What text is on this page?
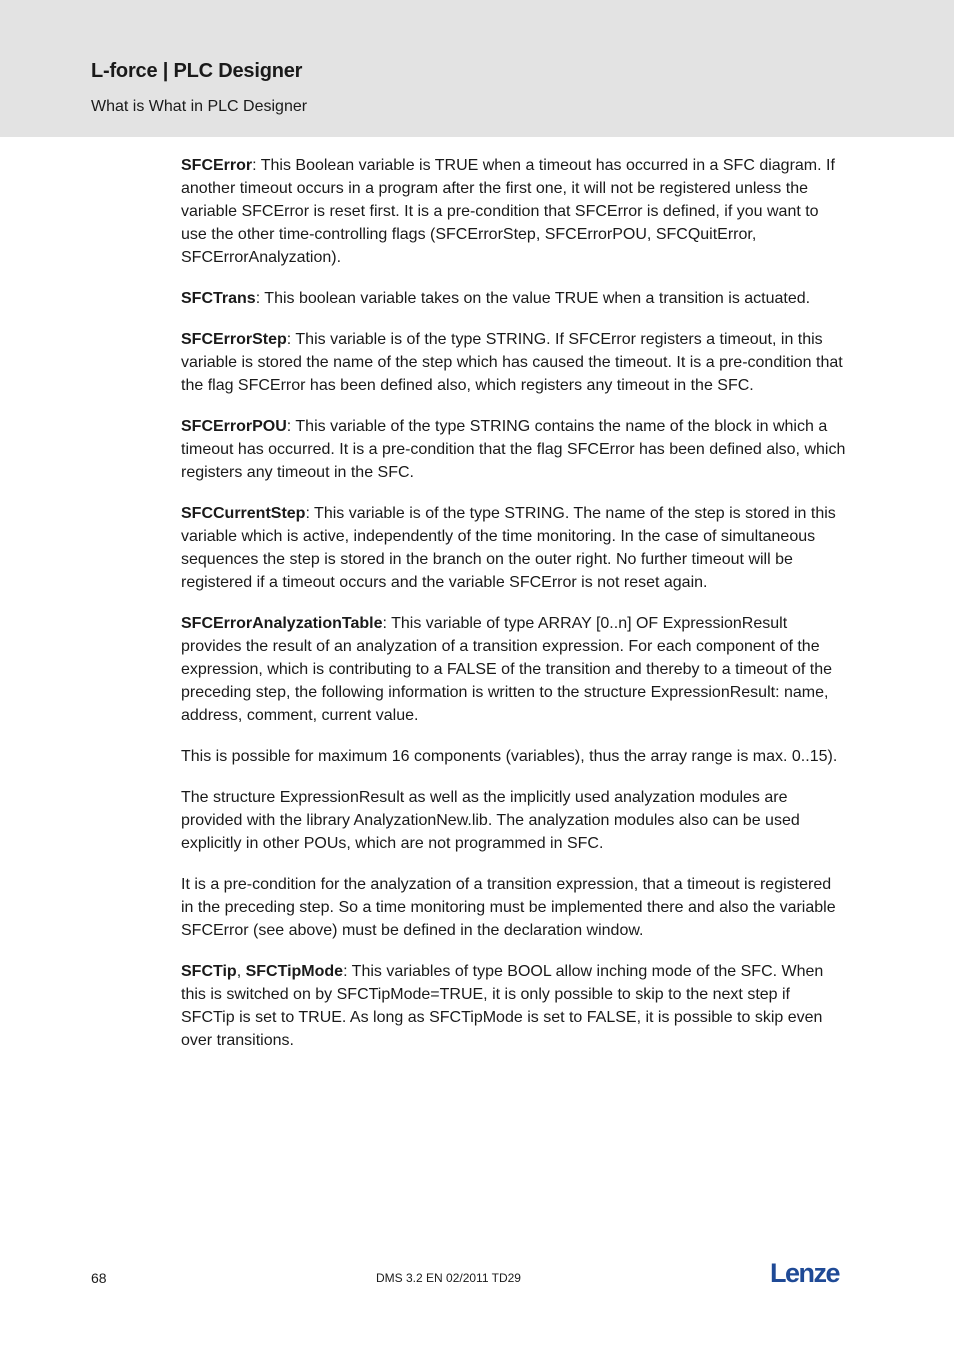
L-force | PLC Designer
What is What in PLC Designer

SFCError: This Boolean variable is TRUE when a timeout has occurred in a SFC diagram. If another timeout occurs in a program after the first one, it will not be registered unless the variable SFCError is reset first. It is a pre-condition that SFCError is defined, if you want to use the other time-controlling flags (SFCErrorStep, SFCErrorPOU, SFCQuitError, SFCErrorAnalyzation).

SFCTrans: This boolean variable takes on the value TRUE when a transition is actuated.

SFCErrorStep: This variable is of the type STRING. If SFCError registers a timeout, in this variable is stored the name of the step which has caused the timeout. It is a pre-condition that the flag SFCError has been defined also, which registers any timeout in the SFC.

SFCErrorPOU: This variable of the type STRING contains the name of the block in which a timeout has occurred. It is a pre-condition that the flag SFCError has been defined also, which registers any timeout in the SFC.

SFCCurrentStep: This variable is of the type STRING. The name of the step is stored in this variable which is active, independently of the time monitoring. In the case of simultaneous sequences the step is stored in the branch on the outer right. No further timeout will be registered if a timeout occurs and the variable SFCError is not reset again.

SFCErrorAnalyzationTable: This variable of type ARRAY [0..n] OF ExpressionResult provides the result of an analyzation of a transition expression. For each component of the expression, which is contributing to a FALSE of the transition and thereby to a timeout of the preceding step, the following information is written to the structure ExpressionResult: name, address, comment, current value.

This is possible for maximum 16 components (variables), thus the array range is max. 0..15).

The structure ExpressionResult as well as the implicitly used analyzation modules are provided with the library AnalyzationNew.lib. The analyzation modules also can be used explicitly in other POUs, which are not programmed in SFC.

It is a pre-condition for the analyzation of a transition expression, that a timeout is registered in the preceding step. So a time monitoring must be implemented there and also the variable SFCError (see above) must be defined in the declaration window.

SFCTip, SFCTipMode: This variables of type BOOL allow inching mode of the SFC. When this is switched on by SFCTipMode=TRUE, it is only possible to skip to the next step if SFCTip is set to TRUE. As long as SFCTipMode is set to FALSE, it is possible to skip even over transitions.

68	DMS 3.2 EN 02/2011 TD29	Lenze
